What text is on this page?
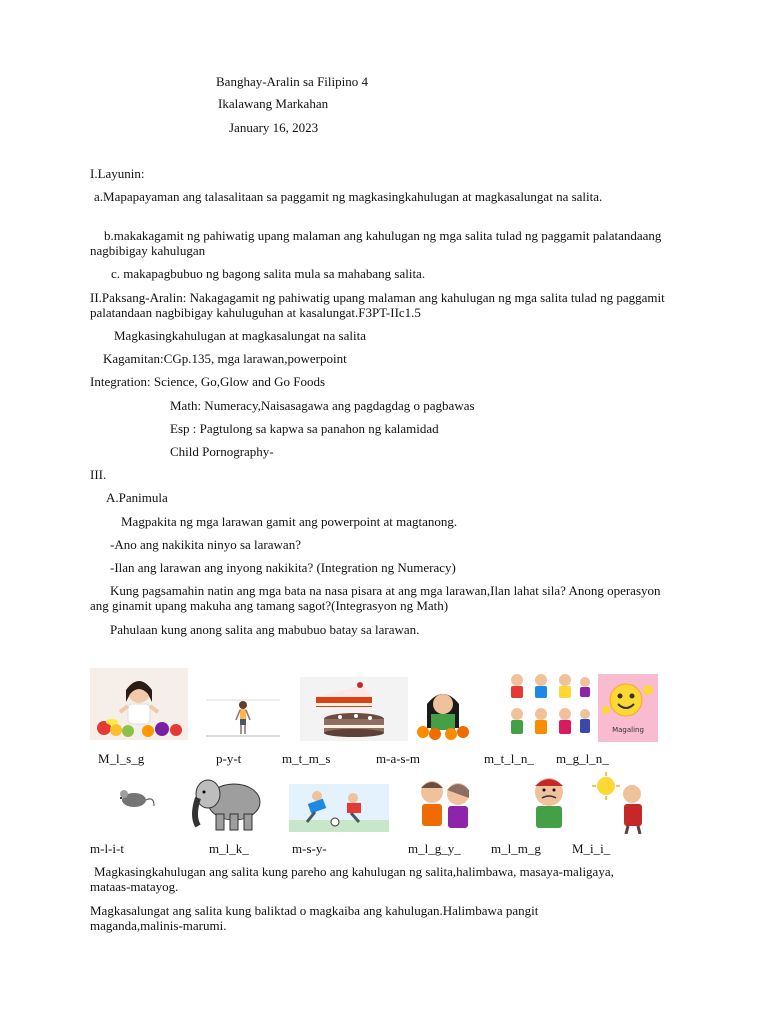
Banghay-Aralin sa Filipino 4
Ikalawang Markahan
January 16, 2023
I.Layunin:
a.Mapapayaman ang talasalitaan sa paggamit ng magkasingkahulugan at magkasalungat na salita.
b.makakagamit ng pahiwatig upang malaman ang kahulugan ng mga salita tulad ng paggamit palatandaang nagbibigay kahulugan
c. makapagbubuo ng bagong salita mula sa mahabang salita.
II.Paksang-Aralin: Nakagagamit ng pahiwatig upang malaman ang kahulugan ng mga salita tulad ng paggamit palatandaan nagbibigay kahuluguhan at kasalungat.F3PT-IIc1.5
Magkasingkahulugan at magkasalungat na salita
Kagamitan:CGp.135, mga larawan,powerpoint
Integration: Science, Go,Glow and Go Foods
Math: Numeracy,Naisasagawa ang pagdagdag o pagbawas
Esp : Pagtulong sa kapwa sa panahon ng kalamidad
Child Pornography-
III.
A.Panimula
Magpakita ng mga larawan gamit ang powerpoint at magtanong.
-Ano ang nakikita ninyo sa larawan?
-Ilan ang larawan ang inyong nakikita? (Integration ng Numeracy)
Kung pagsamahin natin ang mga bata na nasa pisara at ang mga larawan,Ilan lahat sila? Anong operasyon ang ginamit upang makuha ang tamang sagot?(Integrasyon ng Math)
Pahulaan kung anong salita ang mabubuo batay sa larawan.
Magaling
M_l_s_g	p-y-t	m_t_m_s	m-a-s-m	m_t_l_n_ m_g_l_n_
m-l-i-t	m_l_k_	m-s-y-	m_l_g_y_ m_l_m_g M_i_i_
Magkasingkahulugan ang salita kung pareho ang kahulugan ng salita,halimbawa, masaya-maligaya, mataas-matayog.
Magkasalungat ang salita kung baliktad o magkaiba ang kahulugan.Halimbawa pangit maganda,malinis-marumi.
